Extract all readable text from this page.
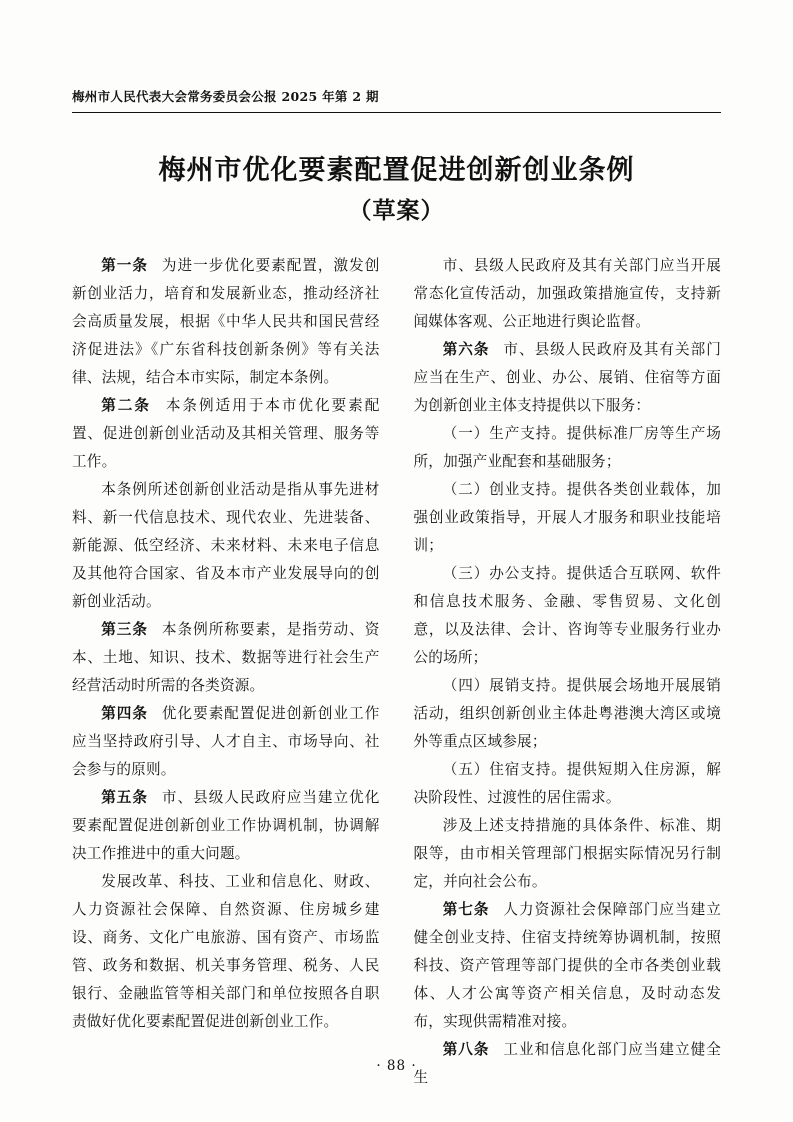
梅州市人民代表大会常务委员会公报 2025 年第 2 期
梅州市优化要素配置促进创新创业条例
（草案）

第一条 为进一步优化要素配置，激发创新创业活力，培育和发展新业态，推动经济社会高质量发展，根据《中华人民共和国民营经济促进法》《广东省科技创新条例》等有关法律、法规，结合本市实际，制定本条例。

第二条 本条例适用于本市优化要素配置、促进创新创业活动及其相关管理、服务等工作。

本条例所述创新创业活动是指从事先进材料、新一代信息技术、现代农业、先进装备、新能源、低空经济、未来材料、未来电子信息及其他符合国家、省及本市产业发展导向的创新创业活动。

第三条 本条例所称要素，是指劳动、资本、土地、知识、技术、数据等进行社会生产经营活动时所需的各类资源。

第四条 优化要素配置促进创新创业工作应当坚持政府引导、人才自主、市场导向、社会参与的原则。

第五条 市、县级人民政府应当建立优化要素配置促进创新创业工作协调机制，协调解决工作推进中的重大问题。

发展改革、科技、工业和信息化、财政、人力资源社会保障、自然资源、住房城乡建设、商务、文化广电旅游、国有资产、市场监管、政务和数据、机关事务管理、税务、人民银行、金融监管等相关部门和单位按照各自职责做好优化要素配置促进创新创业工作。

市、县级人民政府及其有关部门应当开展常态化宣传活动，加强政策措施宣传，支持新闻媒体客观、公正地进行舆论监督。

第六条 市、县级人民政府及其有关部门应当在生产、创业、办公、展销、住宿等方面为创新创业主体支持提供以下服务：

（一）生产支持。提供标准厂房等生产场所，加强产业配套和基础服务；

（二）创业支持。提供各类创业载体，加强创业政策指导，开展人才服务和职业技能培训；

（三）办公支持。提供适合互联网、软件和信息技术服务、金融、零售贸易、文化创意，以及法律、会计、咨询等专业服务行业办公的场所；

（四）展销支持。提供展会场地开展展销活动，组织创新创业主体赴粤港澳大湾区或境外等重点区域参展；

（五）住宿支持。提供短期入住房源，解决阶段性、过渡性的居住需求。

涉及上述支持措施的具体条件、标准、期限等，由市相关管理部门根据实际情况另行制定，并向社会公布。

第七条 人力资源社会保障部门应当建立健全创业支持、住宿支持统筹协调机制，按照科技、资产管理等部门提供的全市各类创业载体、人才公寓等资产相关信息，及时动态发布，实现供需精准对接。

第八条 工业和信息化部门应当建立健全生

· 88 ·
